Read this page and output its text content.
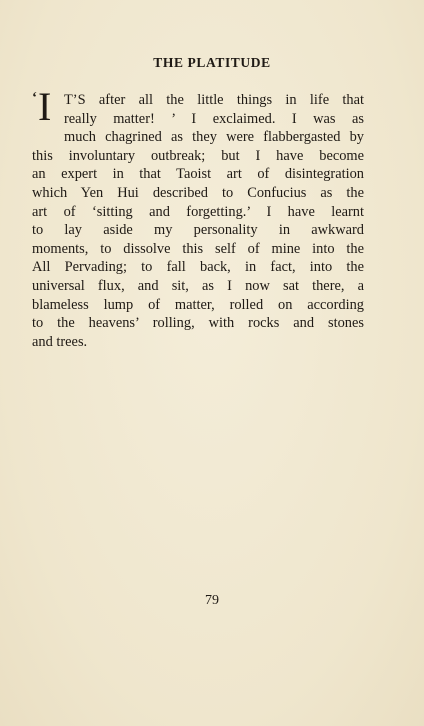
THE PLATITUDE
‘ I T’S after all the little things in life that
really matter! ’ I exclaimed. I was as
much chagrined as they were flabbergasted by
this involuntary outbreak; but I have become
an expert in that Taoist art of disintegration
which Yen Hui described to Confucius as the
art of ‘sitting and forgetting.’ I have learnt
to lay aside my personality in awkward
moments, to dissolve this self of mine into the
All Pervading; to fall back, in fact, into the
universal flux, and sit, as I now sat there, a
blameless lump of matter, rolled on according
to the heavens’ rolling, with rocks and stones
and trees.
79
